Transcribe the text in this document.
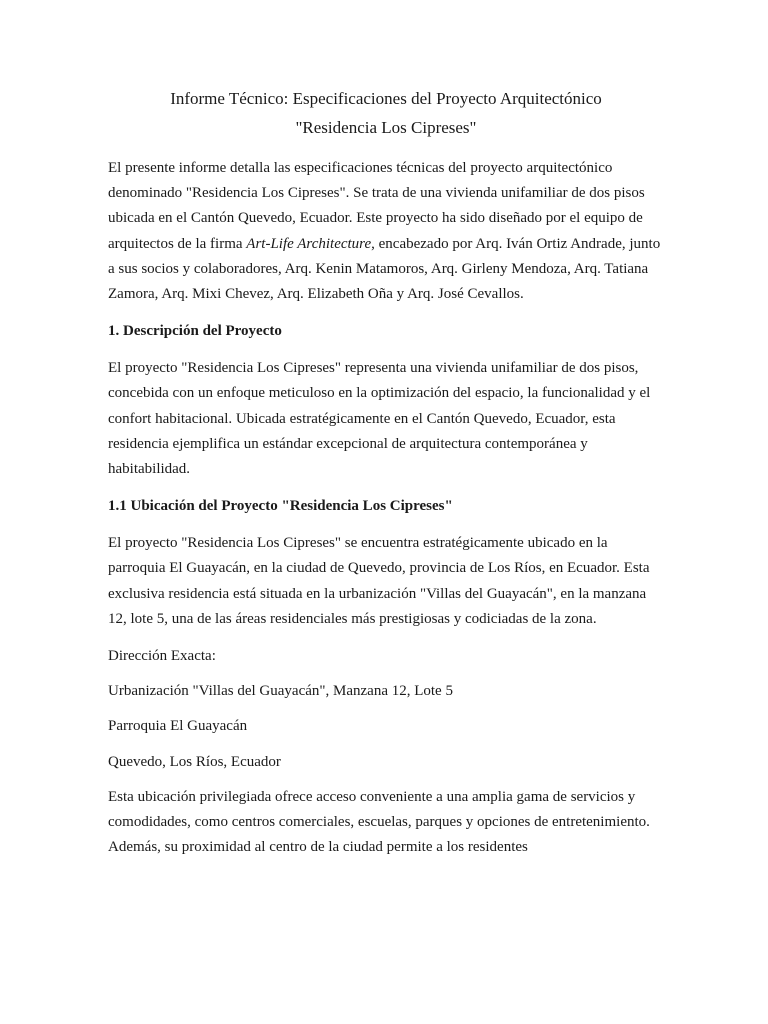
Informe Técnico: Especificaciones del Proyecto Arquitectónico
"Residencia Los Cipreses"

El presente informe detalla las especificaciones técnicas del proyecto arquitectónico denominado "Residencia Los Cipreses". Se trata de una vivienda unifamiliar de dos pisos ubicada en el Cantón Quevedo, Ecuador. Este proyecto ha sido diseñado por el equipo de arquitectos de la firma Art-Life Architecture, encabezado por Arq. Iván Ortiz Andrade, junto a sus socios y colaboradores, Arq. Kenin Matamoros, Arq. Girleny Mendoza, Arq. Tatiana Zamora, Arq. Mixi Chevez, Arq. Elizabeth Oña y Arq. José Cevallos.

1. Descripción del Proyecto

El proyecto "Residencia Los Cipreses" representa una vivienda unifamiliar de dos pisos, concebida con un enfoque meticuloso en la optimización del espacio, la funcionalidad y el confort habitacional. Ubicada estratégicamente en el Cantón Quevedo, Ecuador, esta residencia ejemplifica un estándar excepcional de arquitectura contemporánea y habitabilidad.

1.1 Ubicación del Proyecto "Residencia Los Cipreses"

El proyecto "Residencia Los Cipreses" se encuentra estratégicamente ubicado en la parroquia El Guayacán, en la ciudad de Quevedo, provincia de Los Ríos, en Ecuador. Esta exclusiva residencia está situada en la urbanización "Villas del Guayacán", en la manzana 12, lote 5, una de las áreas residenciales más prestigiosas y codiciadas de la zona.

Dirección Exacta:

Urbanización "Villas del Guayacán", Manzana 12, Lote 5

Parroquia El Guayacán

Quevedo, Los Ríos, Ecuador

Esta ubicación privilegiada ofrece acceso conveniente a una amplia gama de servicios y comodidades, como centros comerciales, escuelas, parques y opciones de entretenimiento. Además, su proximidad al centro de la ciudad permite a los residentes
